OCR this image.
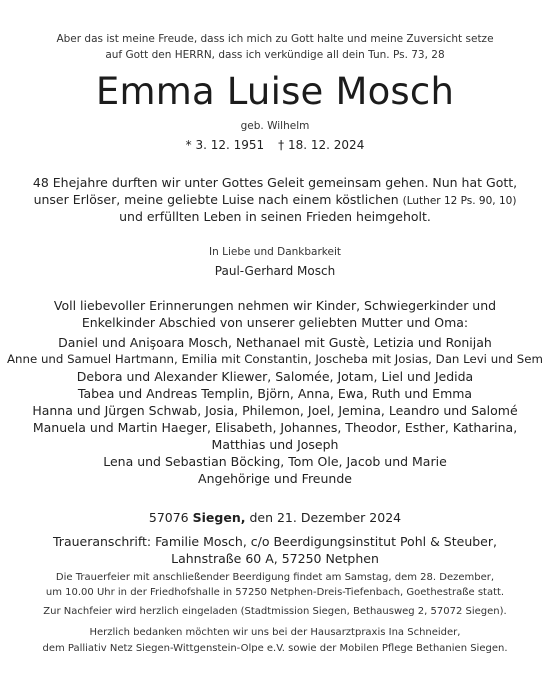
Aber das ist meine Freude, dass ich mich zu Gott halte und meine Zuversicht setze
auf Gott den HERRN, dass ich verkündige all dein Tun. Ps. 73, 28
Emma Luise Mosch
geb. Wilhelm
* 3. 12. 1951 † 18. 12. 2024
48 Ehejahre durften wir unter Gottes Geleit gemeinsam gehen. Nun hat Gott,
unser Erlöser, meine geliebte Luise nach einem köstlichen (Luther 12 Ps. 90, 10)
und erfüllten Leben in seinen Frieden heimgeholt.
In Liebe und Dankbarkeit
Paul-Gerhard Mosch
Voll liebevoller Erinnerungen nehmen wir Kinder, Schwiegerkinder und
Enkelkinder Abschied von unserer geliebten Mutter und Oma:
Daniel und Anişoara Mosch, Nethanael mit Gustè, Letizia und Ronijah
Anne und Samuel Hartmann, Emilia mit Constantin, Joscheba mit Josias, Dan Levi und Sem
Debora und Alexander Kliewer, Salomée, Jotam, Liel und Jedida
Tabea und Andreas Templin, Björn, Anna, Ewa, Ruth und Emma
Hanna und Jürgen Schwab, Josia, Philemon, Joel, Jemina, Leandro und Salomé
Manuela und Martin Haeger, Elisabeth, Johannes, Theodor, Esther, Katharina,
Matthias und Joseph
Lena und Sebastian Böcking, Tom Ole, Jacob und Marie
Angehörige und Freunde
57076 Siegen, den 21. Dezember 2024
Traueranschrift: Familie Mosch, c/o Beerdigungsinstitut Pohl & Steuber,
Lahnstraße 60 A, 57250 Netphen
Die Trauerfeier mit anschließender Beerdigung findet am Samstag, dem 28. Dezember,
um 10.00 Uhr in der Friedhofshalle in 57250 Netphen-Dreis-Tiefenbach, Goethestraße statt.
Zur Nachfeier wird herzlich eingeladen (Stadtmission Siegen, Bethausweg 2, 57072 Siegen).
Herzlich bedanken möchten wir uns bei der Hausarztpraxis Ina Schneider,
dem Palliativ Netz Siegen-Wittgenstein-Olpe e.V. sowie der Mobilen Pflege Bethanien Siegen.
